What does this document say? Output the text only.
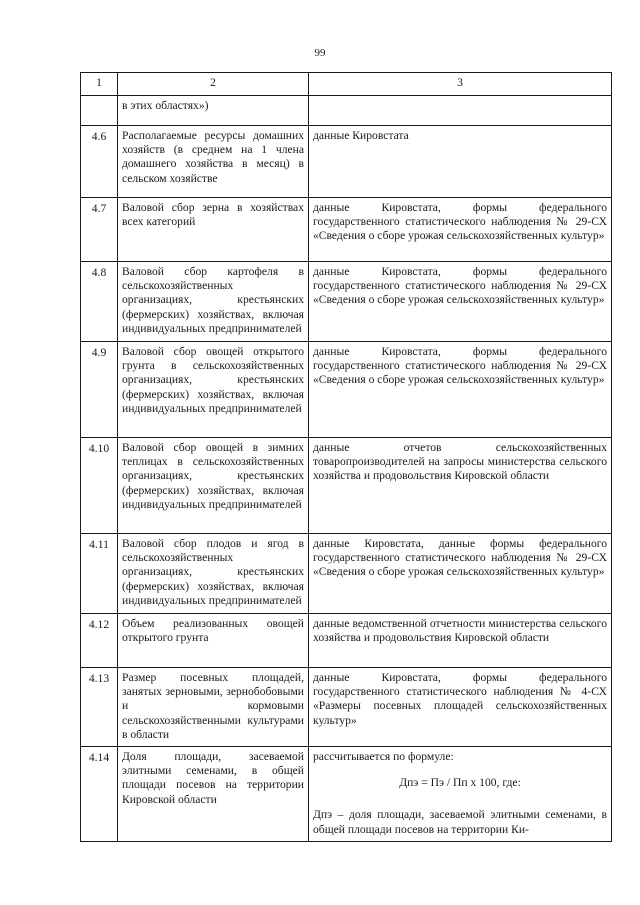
99
1	2	3
	в этих областях»)	
4.6	Располагаемые ресурсы домашних хозяйств (в среднем на 1 члена домашнего хозяйства в месяц) в сельском хозяйстве	данные Кировстата
4.7	Валовой сбор зерна в хозяйствах всех категорий	данные Кировстата, формы федерального государственного статистического наблюдения № 29-СХ «Сведения о сборе урожая сельскохозяйственных культур»
4.8	Валовой сбор картофеля в сельскохозяйственных организациях, крестьянских (фермерских) хозяйствах, включая индивидуальных предпринимателей	данные Кировстата, формы федерального государственного статистического наблюдения № 29-СХ «Сведения о сборе урожая сельскохозяйственных культур»
4.9	Валовой сбор овощей открытого грунта в сельскохозяйственных организациях, крестьянских (фермерских) хозяйствах, включая индивидуальных предпринимателей	данные Кировстата, формы федерального государственного статистического наблюдения № 29-СХ «Сведения о сборе урожая сельскохозяйственных культур»
4.10	Валовой сбор овощей в зимних теплицах в сельскохозяйственных организациях, крестьянских (фермерских) хозяйствах, включая индивидуальных предпринимателей	данные отчетов сельскохозяйственных товаропроизводителей на запросы министерства сельского хозяйства и продовольствия Кировской области
4.11	Валовой сбор плодов и ягод в сельскохозяйственных организациях, крестьянских (фермерских) хозяйствах, включая индивидуальных предпринимателей	данные Кировстата, данные формы федерального государственного статистического наблюдения № 29-СХ «Сведения о сборе урожая сельскохозяйственных культур»
4.12	Объем реализованных овощей открытого грунта	данные ведомственной отчетности министерства сельского хозяйства и продовольствия Кировской области
4.13	Размер посевных площадей, занятых зерновыми, зернобобовыми и кормовыми сельскохозяйственными культурами в области	данные Кировстата, формы федерального государственного статистического наблюдения № 4-СХ «Размеры посевных площадей сельскохозяйственных культур»
4.14	Доля площади, засеваемой элитными семенами, в общей площади посевов на территории Кировской области	рассчитывается по формуле:
Дпэ = Пэ / Пп х 100, где:

Дпэ – доля площади, засеваемой элитными семенами, в общей площади посевов на территории Ки-
